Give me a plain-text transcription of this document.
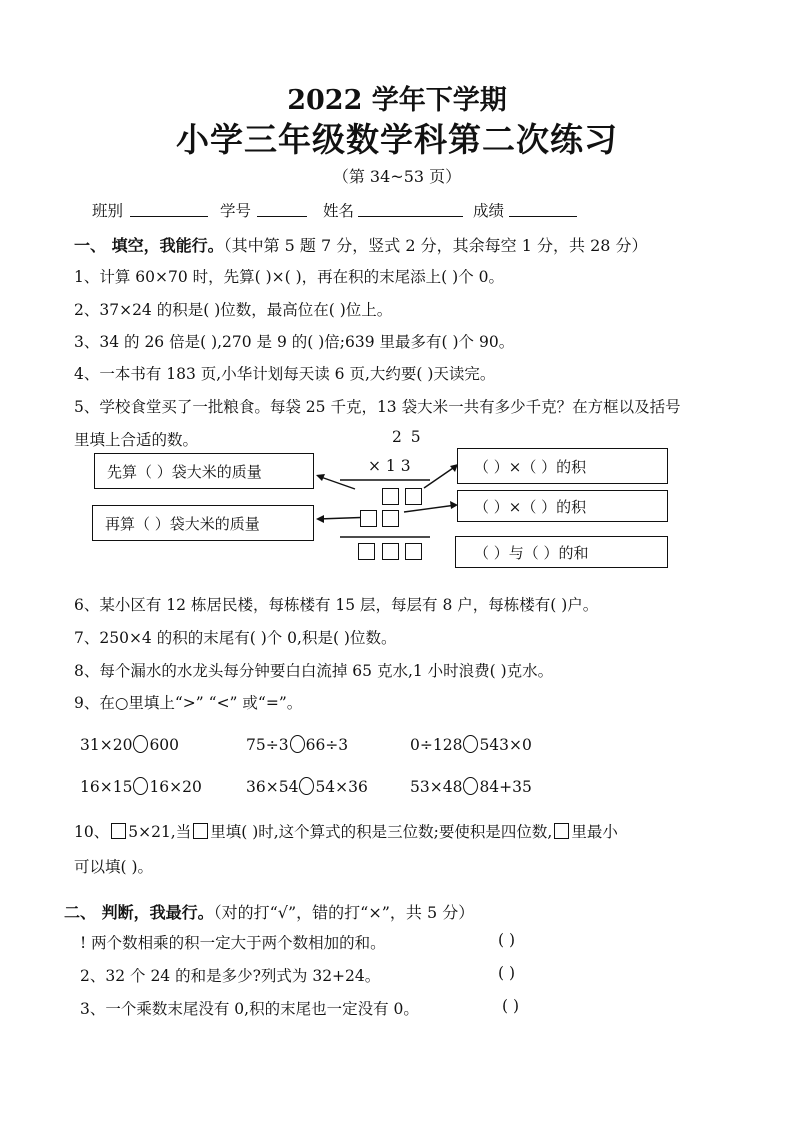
2022 学年下学期
小学三年级数学科第二次练习
（第 34~53 页）
班别	学号	姓名	成绩
一、 填空，我能行。（其中第 5 题 7 分，竖式 2 分，其余每空 1 分，共 28 分）
1、计算 60×70 时，先算( )×( )，再在积的末尾添上( )个 0。
2、37×24 的积是( )位数，最高位在( )位上。
3、34 的 26 倍是( ),270 是 9 的( )倍;639 里最多有( )个 90。
4、一本书有 183 页,小华计划每天读 6 页,大约要( )天读完。
5、学校食堂买了一批粮食。每袋 25 千克，13 袋大米一共有多少千克？在方框以及括号
里填上合适的数。	2 5
× 1 3
先算（ ）袋大米的质量
再算（ ）袋大米的质量
（ ）×（ ）的积
（ ）×（ ）的积
（ ）与（ ）的和
6、某小区有 12 栋居民楼，每栋楼有 15 层，每层有 8 户，每栋楼有( )户。
7、250×4 的积的末尾有( )个 0,积是( )位数。
8、每个漏水的水龙头每分钟要白白流掉 65 克水,1 小时浪费( )克水。
9、在○里填上“>” “<” 或“=”。
31×20 600	75÷3 66÷3	0÷128 543×0
16×15 16×20	36×54 54×36	53×48 84+35
10、 5×21,当 里填( )时,这个算式的积是三位数;要使积是四位数, 里最小
可以填( )。
二、 判断，我最行。（对的打“√”，错的打“×”，共 5 分）
! 两个数相乘的积一定大于两个数相加的和。	( )
2、32 个 24 的和是多少?列式为 32+24。	( )
3、一个乘数末尾没有 0,积的末尾也一定没有 0。	( )
